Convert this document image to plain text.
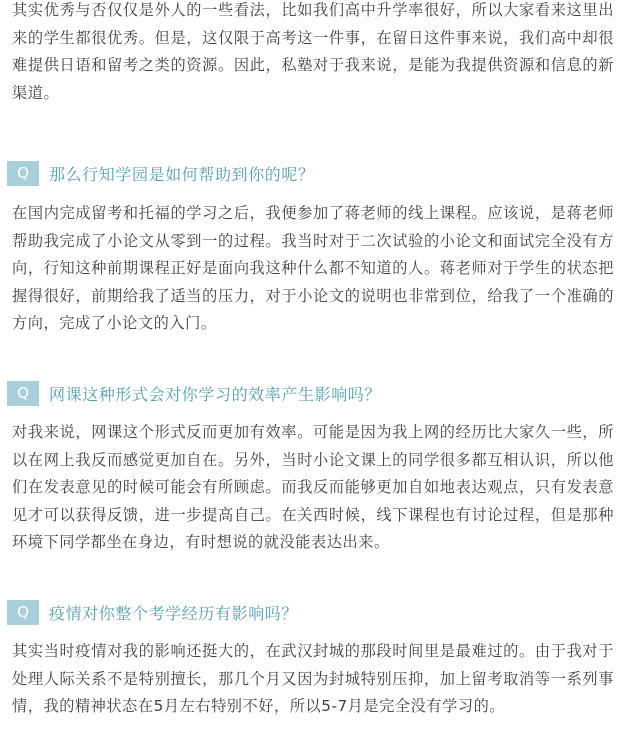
其实优秀与否仅仅是外人的一些看法，比如我们高中升学率很好，所以大家看来这里出来的学生都很优秀。但是，这仅限于高考这一件事，在留日这件事来说，我们高中却很难提供日语和留考之类的资源。因此，私塾对于我来说，是能为我提供资源和信息的新渠道。

Q	那么行知学园是如何帮助到你的呢？

在国内完成留考和托福的学习之后，我便参加了蒋老师的线上课程。应该说，是蒋老师帮助我完成了小论文从零到一的过程。我当时对于二次试验的小论文和面试完全没有方向，行知这种前期课程正好是面向我这种什么都不知道的人。蒋老师对于学生的状态把握得很好，前期给我了适当的压力，对于小论文的说明也非常到位，给我了一个准确的方向，完成了小论文的入门。

Q	网课这种形式会对你学习的效率产生影响吗？

对我来说，网课这个形式反而更加有效率。可能是因为我上网的经历比大家久一些，所以在网上我反而感觉更加自在。另外，当时小论文课上的同学很多都互相认识，所以他们在发表意见的时候可能会有所顾虑。而我反而能够更加自如地表达观点，只有发表意见才可以获得反馈，进一步提高自己。在关西时候，线下课程也有讨论过程，但是那种环境下同学都坐在身边，有时想说的就没能表达出来。

Q	疫情对你整个考学经历有影响吗？

其实当时疫情对我的影响还挺大的，在武汉封城的那段时间里是最难过的。由于我对于处理人际关系不是特别擅长，那几个月又因为封城特别压抑，加上留考取消等一系列事情，我的精神状态在5月左右特别不好，所以5-7月是完全没有学习的。
